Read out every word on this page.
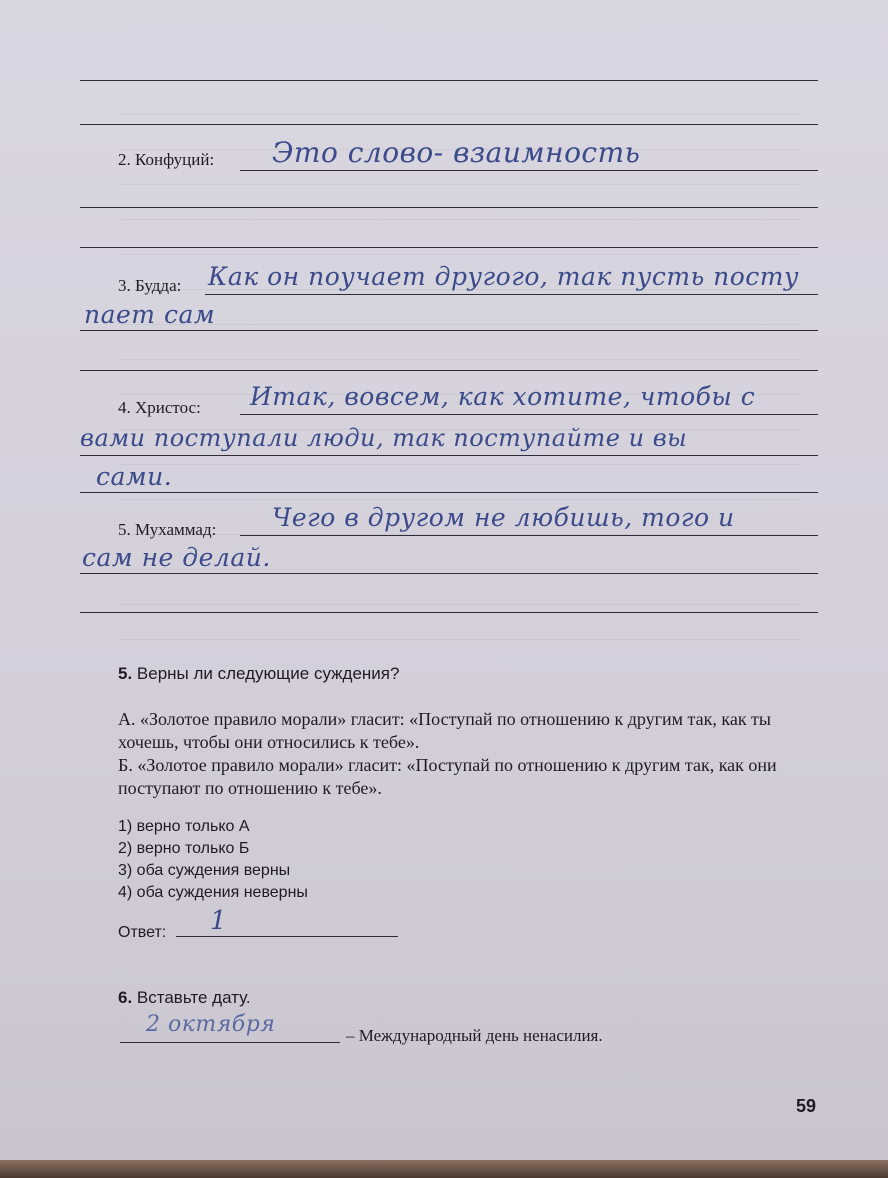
2. Конфуций: Это слово- взаимность
3. Будда: Как он поучает другого, так пусть посту
пает сам
4. Христос: Итак, вовсем, как хотите, чтобы с
вами поступали люди, так поступайте и вы
сами.
5. Мухаммад: Чего в другом не любишь, того и
сам не делай.
5. Верны ли следующие суждения?
А. «Золотое правило морали» гласит: «Поступай по отношению к другим так, как ты хочешь, чтобы они относились к тебе».
Б. «Золотое правило морали» гласит: «Поступай по отношению к другим так, как они поступают по отношению к тебе».
1) верно только А
2) верно только Б
3) оба суждения верны
4) оба суждения неверны
Ответ: 1
6. Вставьте дату.
2 октября	– Международный день ненасилия.
59
